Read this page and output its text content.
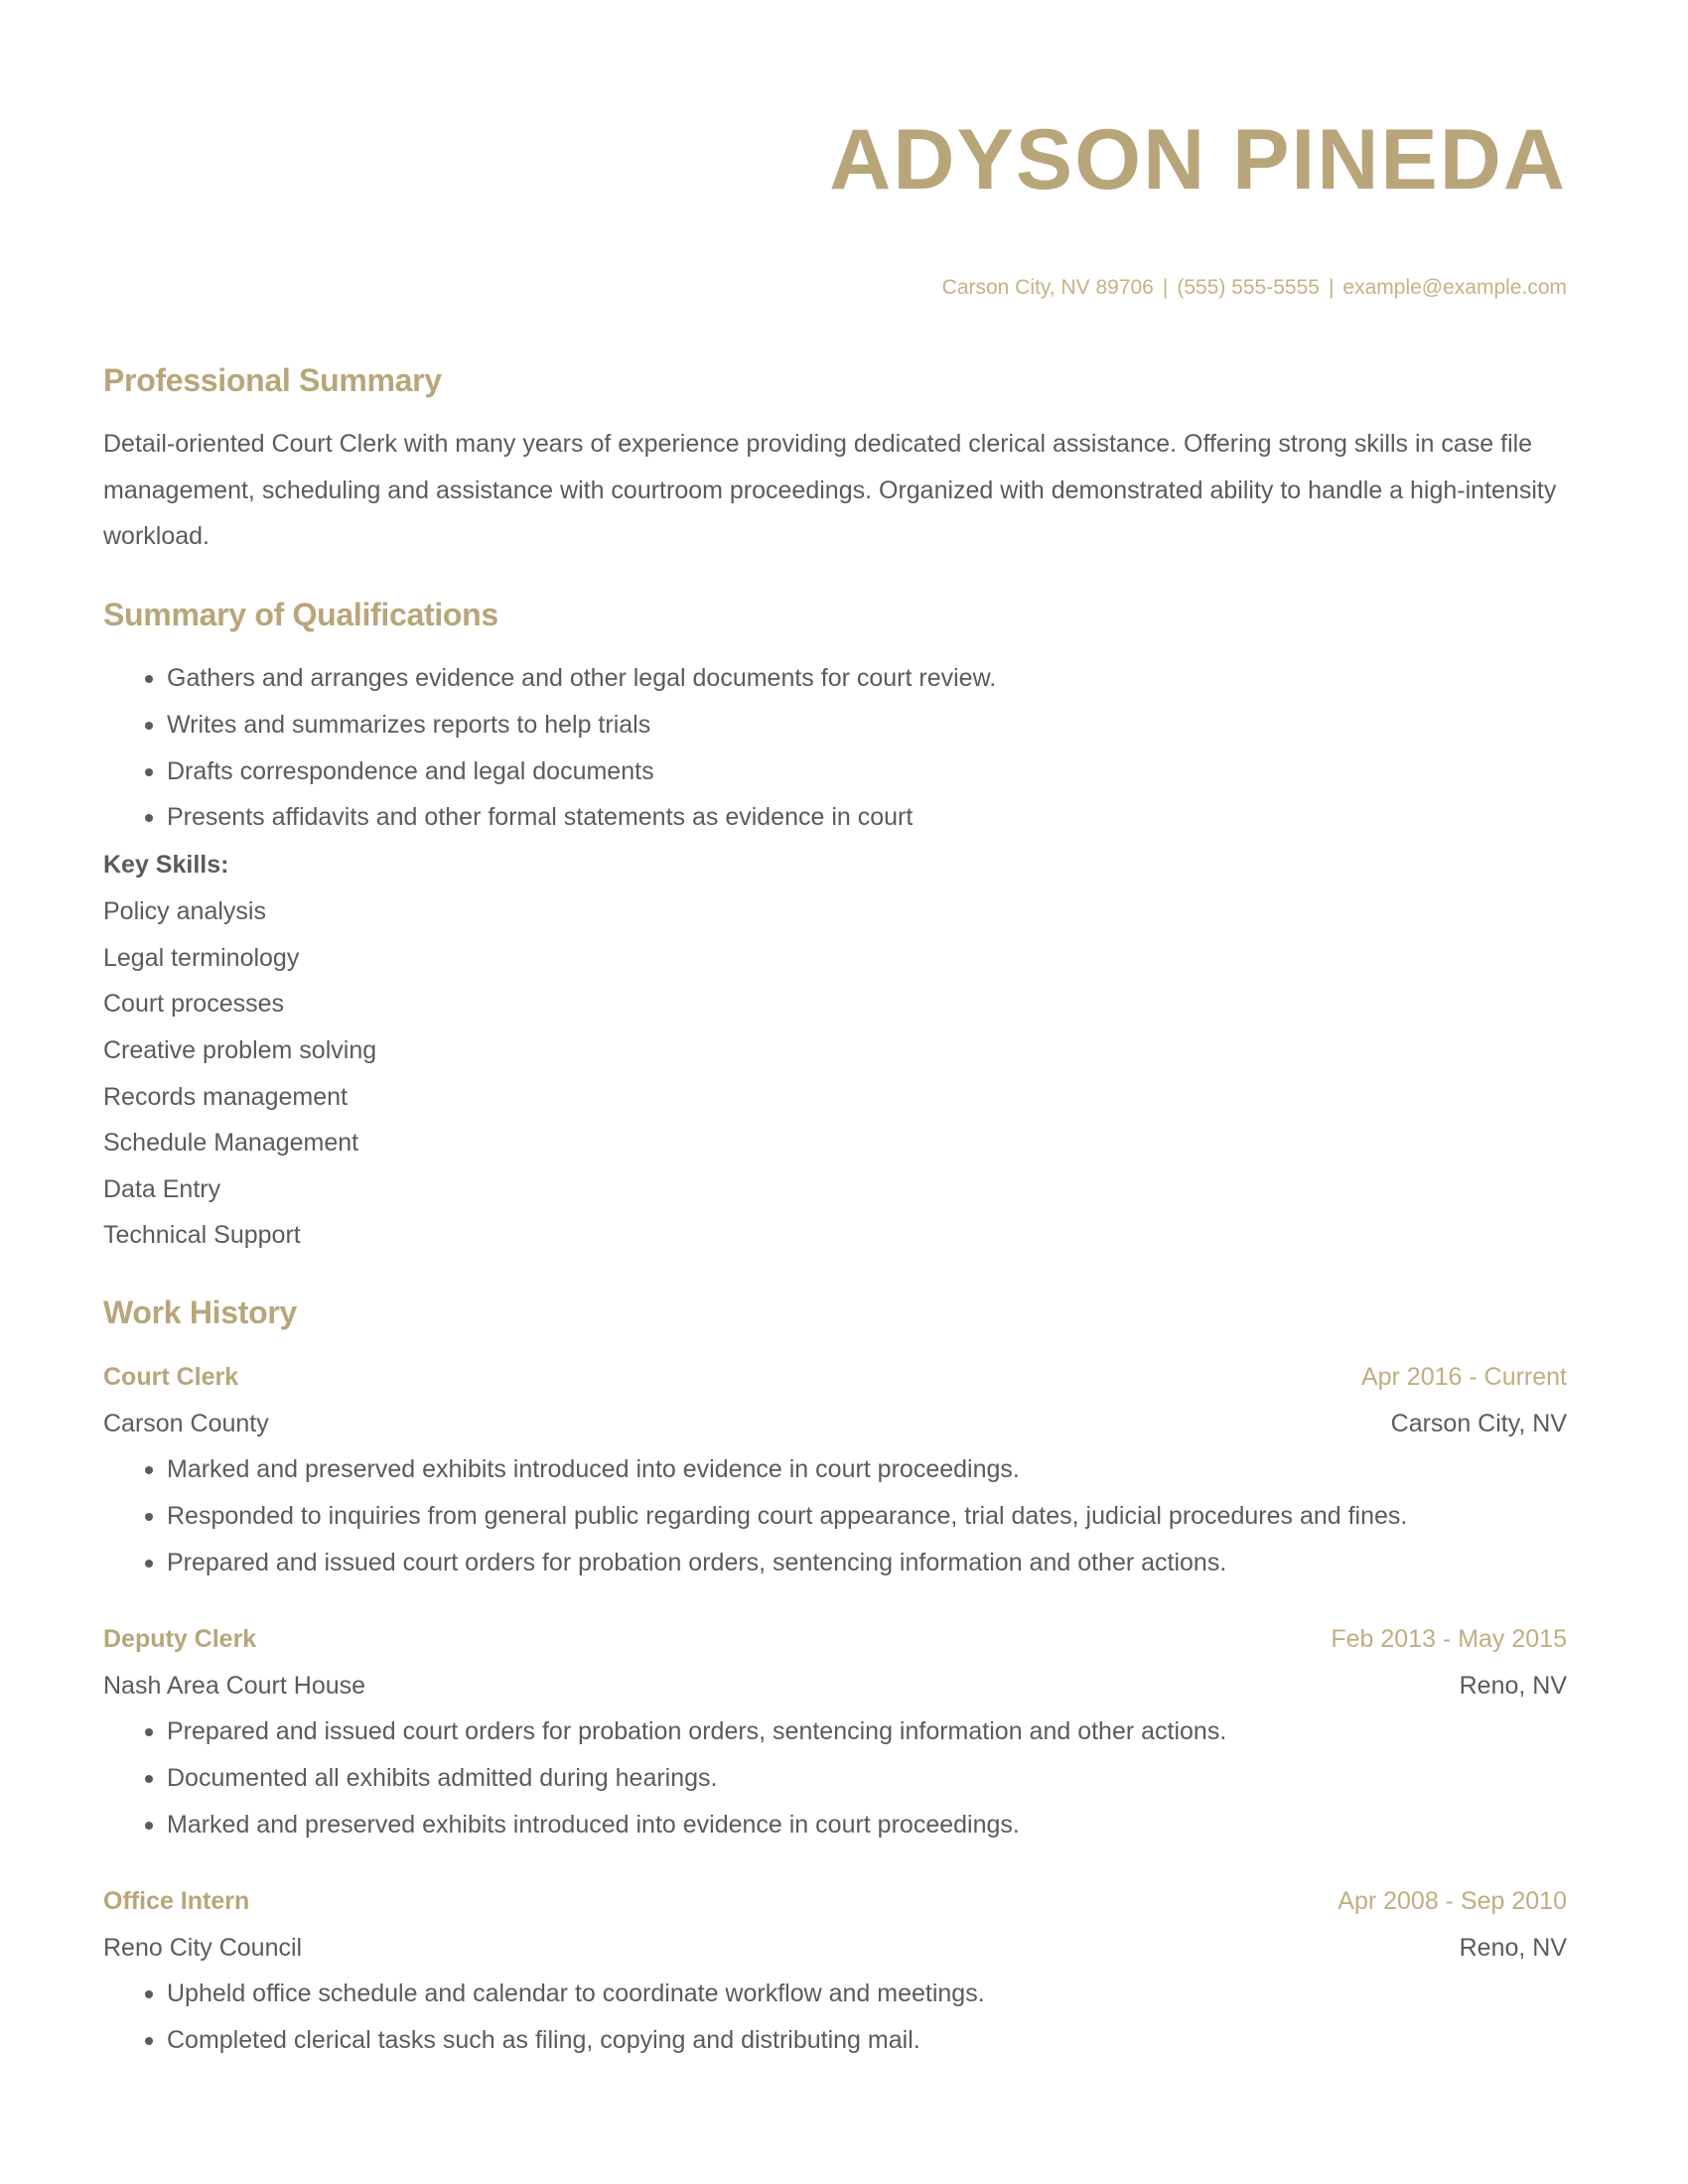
ADYSON PINEDA
Carson City, NV 89706 | (555) 555-5555 | example@example.com
Professional Summary
Detail-oriented Court Clerk with many years of experience providing dedicated clerical assistance. Offering strong skills in case file management, scheduling and assistance with courtroom proceedings. Organized with demonstrated ability to handle a high-intensity workload.
Summary of Qualifications
Gathers and arranges evidence and other legal documents for court review.
Writes and summarizes reports to help trials
Drafts correspondence and legal documents
Presents affidavits and other formal statements as evidence in court
Key Skills:
Policy analysis
Legal terminology
Court processes
Creative problem solving
Records management
Schedule Management
Data Entry
Technical Support
Work History
Court Clerk	Apr 2016 - Current
Carson County	Carson City, NV
Marked and preserved exhibits introduced into evidence in court proceedings.
Responded to inquiries from general public regarding court appearance, trial dates, judicial procedures and fines.
Prepared and issued court orders for probation orders, sentencing information and other actions.
Deputy Clerk	Feb 2013 - May 2015
Nash Area Court House	Reno, NV
Prepared and issued court orders for probation orders, sentencing information and other actions.
Documented all exhibits admitted during hearings.
Marked and preserved exhibits introduced into evidence in court proceedings.
Office Intern	Apr 2008 - Sep 2010
Reno City Council	Reno, NV
Upheld office schedule and calendar to coordinate workflow and meetings.
Completed clerical tasks such as filing, copying and distributing mail.
